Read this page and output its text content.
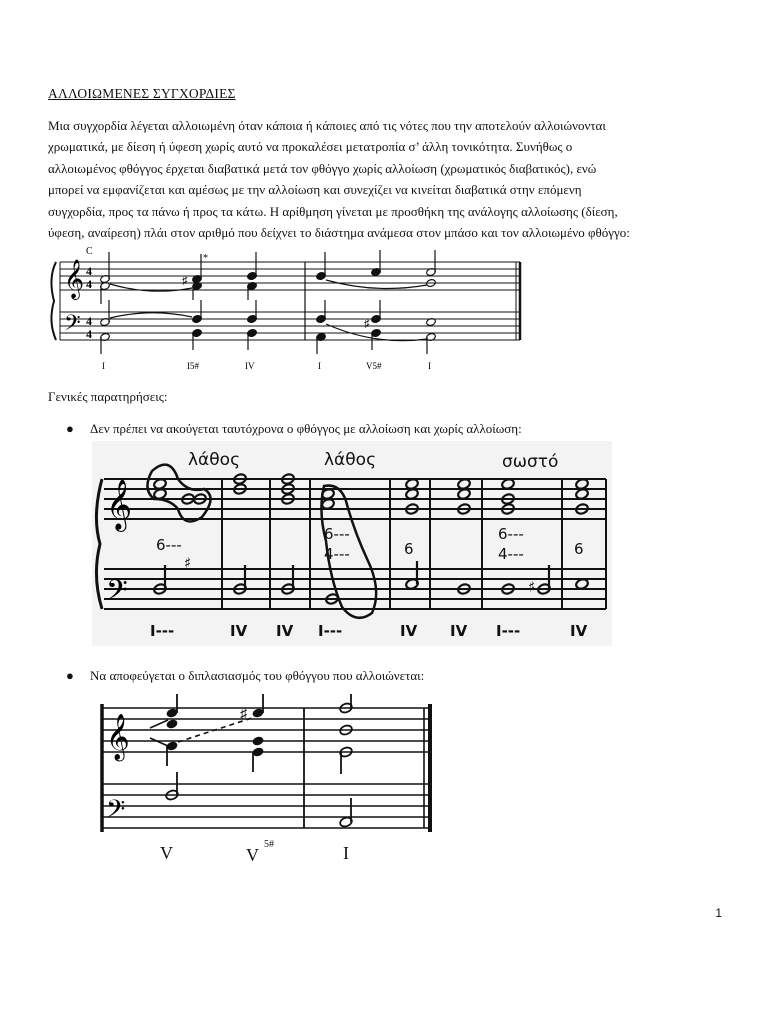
ΑΛΛΟΙΩΜΕΝΕΣ ΣΥΓΧΟΡΔΙΕΣ

Μια συγχορδία λέγεται αλλοιωμένη όταν κάποια ή κάποιες από τις νότες που την αποτελούν αλλοιώνονται
χρωματικά, με δίεση ή ύφεση χωρίς αυτό να προκαλέσει μετατροπία σ’ άλλη τονικότητα. Συνήθως ο
αλλοιωμένος φθόγγος έρχεται διαβατικά μετά τον φθόγγο χωρίς αλλοίωση (χρωματικός διαβατικός), ενώ
μπορεί να εμφανίζεται και αμέσως με την αλλοίωση και συνεχίζει να κινείται διαβατικά στην επόμενη
συγχορδία, προς τα πάνω ή προς τα κάτω. Η αρίθμηση γίνεται με προσθήκη της ανάλογης αλλοίωσης (δίεση,
ύφεση, αναίρεση) πλάι στον αριθμό που δείχνει το διάστημα ανάμεσα στον μπάσο και τον αλλοιωμένο φθόγγο:

𝄞
𝄢
C
4
4
4
4
*
♯
♯
I	I5#	IV	I	V5#	I
Γενικές παρατηρήσεις:
●	Δεν πρέπει να ακούγεται ταυτόχρονα ο φθόγγος με αλλοίωση και χωρίς αλλοίωση:
λάθος	λάθος	σωστό
𝄞
𝄢
6---
6---
4---	6
6---
4---	6
♯
♯
6
I---	IV IV I---	IV IV I---	IV
●	Να αποφεύγεται ο διπλασιασμός του φθόγγου που αλλοιώνεται:
𝄞
𝄢
♯
V	V
5#	I
1
